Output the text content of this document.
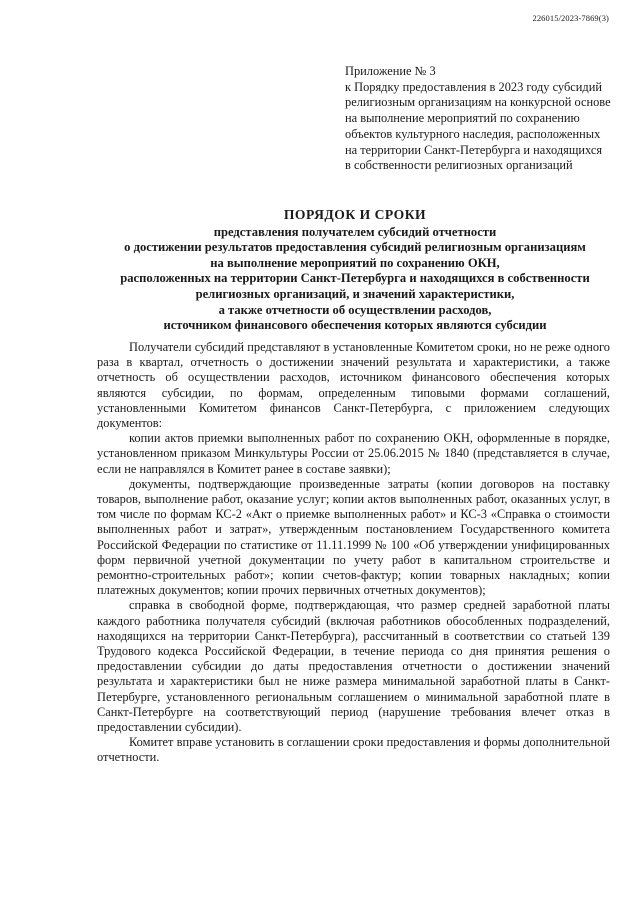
226015/2023-7869(3)
Приложение № 3
к Порядку предоставления в 2023 году субсидий
религиозным организациям на конкурсной основе
на выполнение мероприятий по сохранению
объектов культурного наследия, расположенных
на территории Санкт-Петербурга и находящихся
в собственности религиозных организаций
ПОРЯДОК И СРОКИ
представления получателем субсидий отчетности
о достижении результатов предоставления субсидий религиозным организациям
на выполнение мероприятий по сохранению ОКН,
расположенных на территории Санкт-Петербурга и находящихся в собственности
религиозных организаций, и значений характеристики,
а также отчетности об осуществлении расходов,
источником финансового обеспечения которых являются субсидии

Получатели субсидий представляют в установленные Комитетом сроки, но не реже одного раза в квартал, отчетность о достижении значений результата и характеристики, а также отчетность об осуществлении расходов, источником финансового обеспечения которых являются субсидии, по формам, определенным типовыми формами соглашений, установленными Комитетом финансов Санкт-Петербурга, с приложением следующих документов:

копии актов приемки выполненных работ по сохранению ОКН, оформленные в порядке, установленном приказом Минкультуры России от 25.06.2015 № 1840 (представляется в случае, если не направлялся в Комитет ранее в составе заявки);

документы, подтверждающие произведенные затраты (копии договоров на поставку товаров, выполнение работ, оказание услуг; копии актов выполненных работ, оказанных услуг, в том числе по формам КС-2 «Акт о приемке выполненных работ» и КС-3 «Справка о стоимости выполненных работ и затрат», утвержденным постановлением Государственного комитета Российской Федерации по статистике от 11.11.1999 № 100 «Об утверждении унифицированных форм первичной учетной документации по учету работ в капитальном строительстве и ремонтно-строительных работ»; копии счетов-фактур; копии товарных накладных; копии платежных документов; копии прочих первичных отчетных документов);

справка в свободной форме, подтверждающая, что размер средней заработной платы каждого работника получателя субсидий (включая работников обособленных подразделений, находящихся на территории Санкт-Петербурга), рассчитанный в соответствии со статьей 139 Трудового кодекса Российской Федерации, в течение периода со дня принятия решения о предоставлении субсидии до даты предоставления отчетности о достижении значений результата и характеристики был не ниже размера минимальной заработной платы в Санкт-Петербурге, установленного региональным соглашением о минимальной заработной плате в Санкт-Петербурге на соответствующий период (нарушение требования влечет отказ в предоставлении субсидии).

Комитет вправе установить в соглашении сроки предоставления и формы дополнительной отчетности.
